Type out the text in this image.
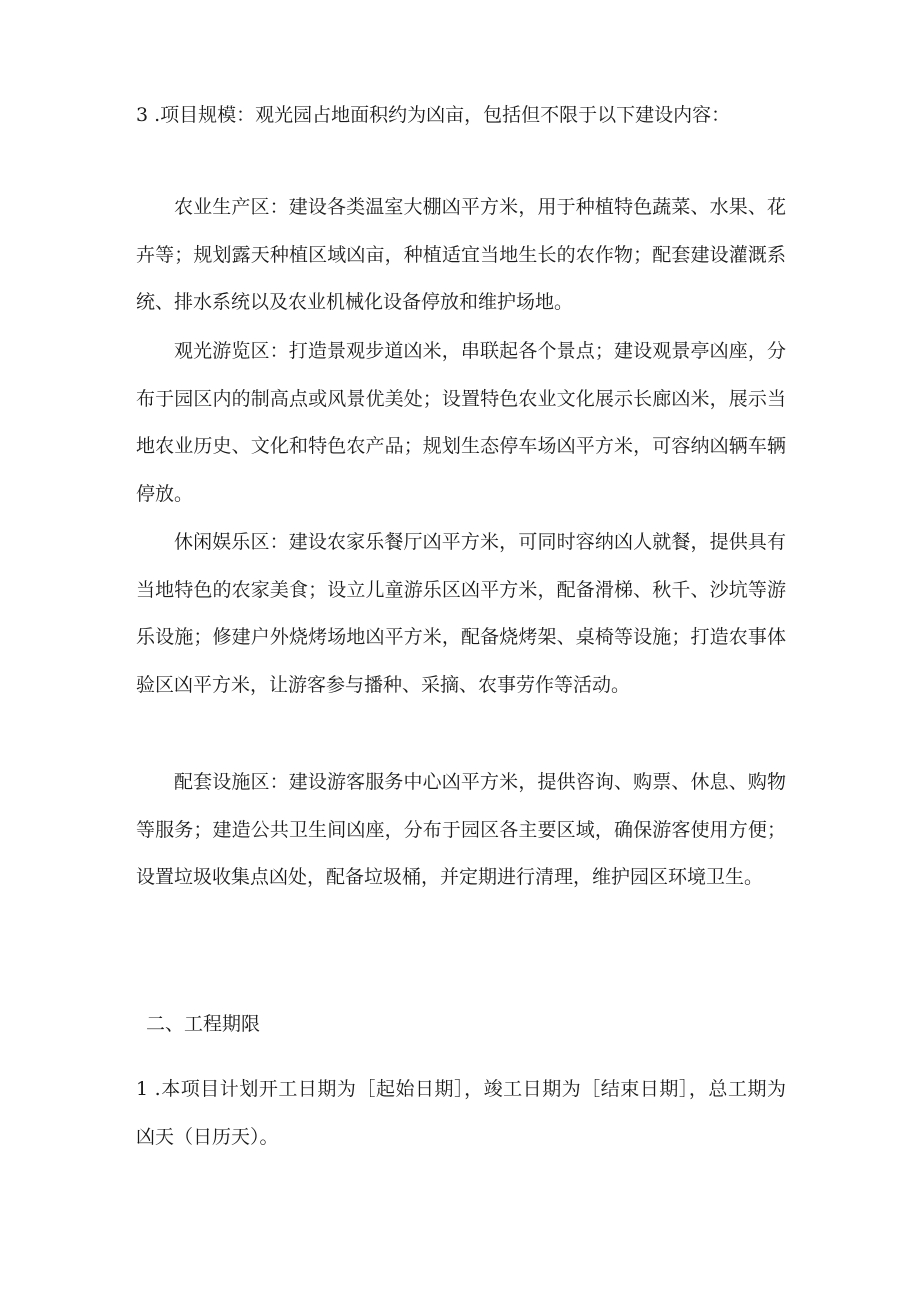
3 .项目规模：观光园占地面积约为凶亩，包括但不限于以下建设内容：

农业生产区：建设各类温室大棚凶平方米，用于种植特色蔬菜、水果、花卉等；规划露天种植区域凶亩，种植适宜当地生长的农作物；配套建设灌溉系统、排水系统以及农业机械化设备停放和维护场地。

观光游览区：打造景观步道凶米，串联起各个景点；建设观景亭凶座，分布于园区内的制高点或风景优美处；设置特色农业文化展示长廊凶米，展示当地农业历史、文化和特色农产品；规划生态停车场凶平方米，可容纳凶辆车辆停放。

休闲娱乐区：建设农家乐餐厅凶平方米，可同时容纳凶人就餐，提供具有当地特色的农家美食；设立儿童游乐区凶平方米，配备滑梯、秋千、沙坑等游乐设施；修建户外烧烤场地凶平方米，配备烧烤架、桌椅等设施；打造农事体验区凶平方米，让游客参与播种、采摘、农事劳作等活动。

配套设施区：建设游客服务中心凶平方米，提供咨询、购票、休息、购物等服务；建造公共卫生间凶座，分布于园区各主要区域，确保游客使用方便；设置垃圾收集点凶处，配备垃圾桶，并定期进行清理，维护园区环境卫生。

二、工程期限

1 .本项目计划开工日期为［起始日期］，竣工日期为［结束日期］，总工期为凶天（日历天）。
